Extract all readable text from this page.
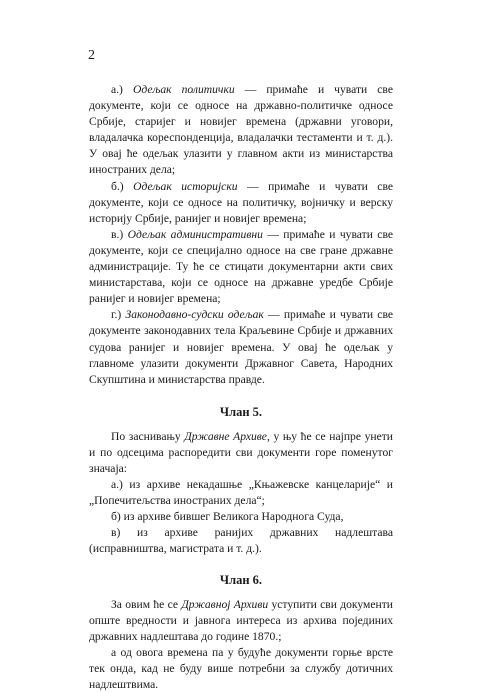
2

а.) Одељак политички — примаће и чувати све документе, који се односе на државно-политичке односе Србије, старијег и новијег времена (државни уговори, владалачка кореспонденција, владалачки тестаменти и т. д.). У овај ће одељак улазити у главном акти из министарства иностраних дела;

б.) Одељак историјски — примаће и чувати све документе, који се односе на политичку, војничку и верску историју Србије, ранијег и новијег времена;

в.) Одељак административни — примаће и чувати све документе, који се специјално односе на све гране државне администрације. Ту ће се стицати документарни акти свих министарстава, који се односе на државне уредбе Србије ранијег и новијег времена;

г.) Законодавно-судски одељак — примаће и чувати све документе законодавних тела Краљевине Србије и државних судова ранијег и новијег времена. У овај ће одељак у главноме улазити документи Државног Савета, Народних Скупштина и министарства правде.

Члан 5.

По заснивању Државне Архиве, у њу ће се најпре унети и по одсецима распоредити сви документи горе поменутог значаја:

а.) из архиве некадашње „Књажевске канцеларије“ и „Попечитељства иностраних дела“;

б) из архиве бившег Великога Народнога Суда,

в) из архиве ранијих државних надлештава (исправништва, магистрата и т. д.).

Члан 6.

За овим ће се Државној Архиви уступити сви документи опште вредности и јавнога интереса из архива појединих државних надлештава до године 1870.;

а од овога времена па у будуће документи горње врсте тек онда, кад не буду више потребни за службу дотичних надлештвима.
